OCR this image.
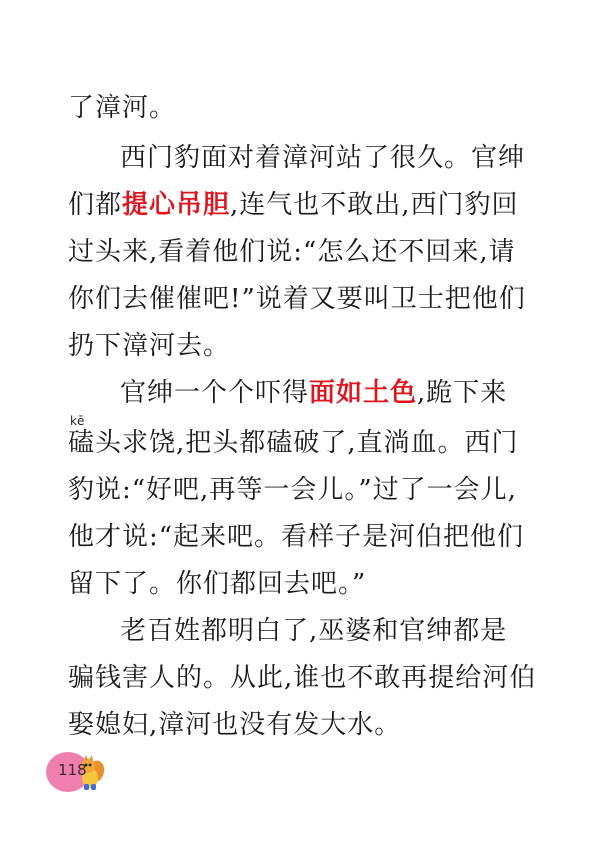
了漳河。
西门豹面对着漳河站了很久。官绅
们都提心吊胆,连气也不敢出,西门豹回
过头来,看着他们说:“怎么还不回来,请
你们去催催吧!”说着又要叫卫士把他们
扔下漳河去。
官绅一个个吓得面如土色,跪下来
kē
磕头求饶,把头都磕破了,直淌血。西门
豹说:“好吧,再等一会儿。”过了一会儿,
他才说:“起来吧。看样子是河伯把他们
留下了。你们都回去吧。”
老百姓都明白了,巫婆和官绅都是
骗钱害人的。从此,谁也不敢再提给河伯
娶媳妇,漳河也没有发大水。
118
